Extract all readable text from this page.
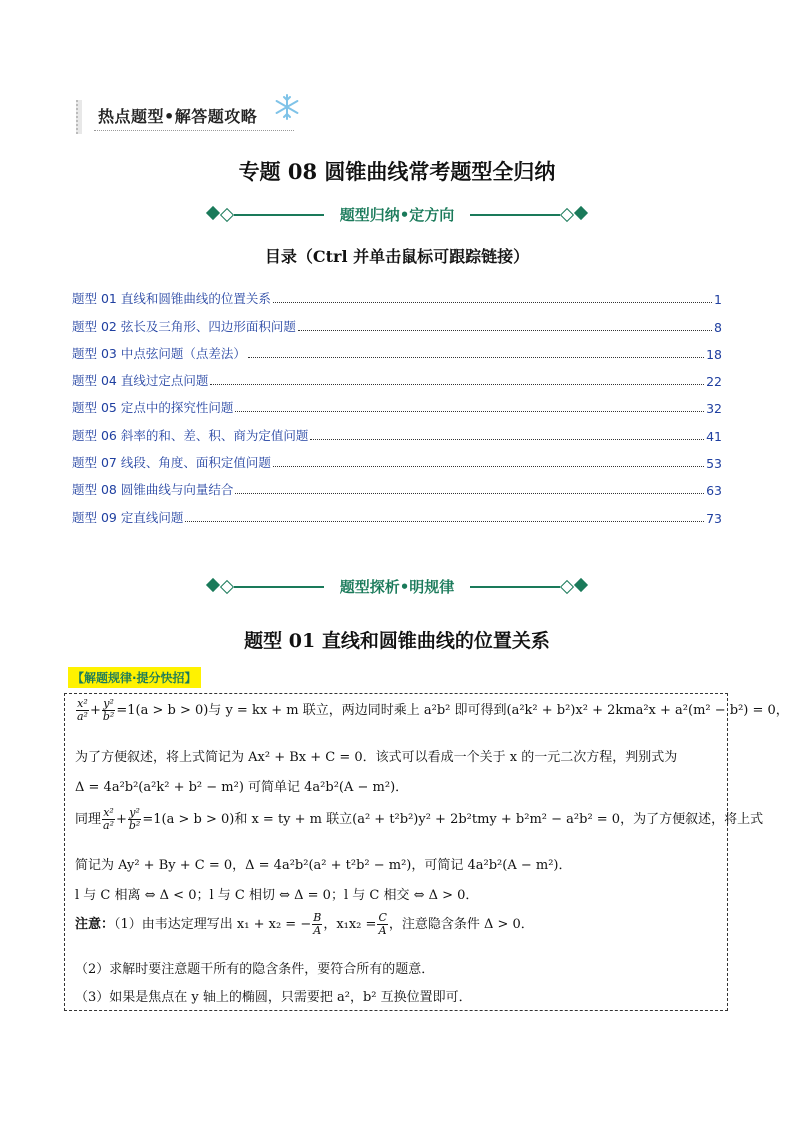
热点题型•解答题攻略
专题 08 圆锥曲线常考题型全归纳
题型归纳•定方向
目录（Ctrl 并单击鼠标可跟踪链接）
题型 01 直线和圆锥曲线的位置关系	1
题型 02 弦长及三角形、四边形面积问题	8
题型 03 中点弦问题（点差法）	18
题型 04 直线过定点问题	22
题型 05 定点中的探究性问题	32
题型 06 斜率的和、差、积、商为定值问题	41
题型 07 线段、角度、面积定值问题	53
题型 08 圆锥曲线与向量结合	63
题型 09 定直线问题	73
题型探析•明规律
题型 01 直线和圆锥曲线的位置关系
【解题规律·提分快招】
$\frac{\text{x²}}{\text{a²}} + \frac{\text{y²}}{\text{b²}} =1(a > b > 0)$与 y = kx + m 联立，两边同时乘上 a²b² 即可得到(a²k² + b²)x² + 2kma²x + a²(m² − b²) = 0，
为了方便叙述，将上式简记为 Ax² + Bx + C = 0．该式可以看成一个关于 x 的一元二次方程，判别式为
Δ = 4a²b²(a²k² + b² − m²) 可简单记 4a²b²(A − m²)．
同理 $\frac{\text{x²}}{\text{a²}} + \frac{\text{y²}}{\text{b²}} =1(a > b > 0)$和 x = ty + m 联立(a² + t²b²)y² + 2b²tmy + b²m² − a²b² = 0，为了方便叙述，将上式
简记为 Ay² + By + C = 0，Δ = 4a²b²(a² + t²b² − m²)，可简记 4a²b²(A − m²)．
l 与 C 相离 ⇔ Δ < 0；l 与 C 相切 ⇔ Δ = 0；l 与 C 相交 ⇔ Δ > 0．
注意：（1）由韦达定理写出 x₁ + x₂ = − $\frac{B}{A}$ ，$x_1x_2 = \frac{C}{A}$ ，注意隐含条件 Δ > 0．
（2）求解时要注意题干所有的隐含条件，要符合所有的题意．
（3）如果是焦点在 y 轴上的椭圆，只需要把 a²，b² 互换位置即可．
